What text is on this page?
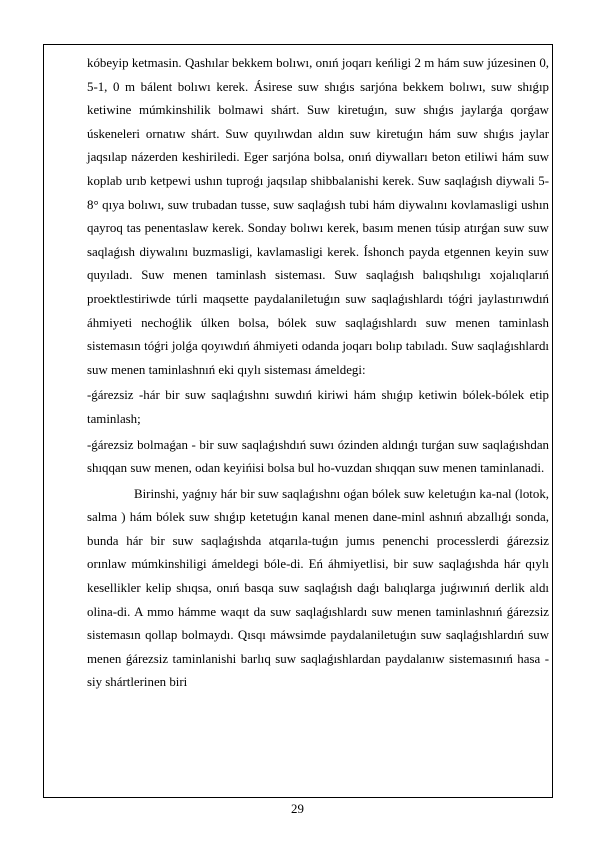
kóbeyip ketmasin. Qashılar bekkem bolıwı, onıń joqarı keńligi 2 m hám suw júzesinen 0, 5-1, 0 m bálent bolıwı kerek. Ásirese suw shıǵıs sarjóna bekkem bolıwı, suw shıǵıp ketiwine múmkinshilik bolmawi shárt. Suw kiretuǵın, suw shıǵıs jaylarǵa qorǵaw úskeneleri ornatıw shárt. Suw quyılıwdan aldın suw kiretuǵın hám suw shıǵıs jaylar jaqsılap názerden keshiriledi. Eger sarjóna bolsa, onıń diywalları beton etiliwi hám suw koplab urıb ketpewi ushın tuproǵı jaqsılap shibbalanishi kerek. Suw saqlaǵısh diywali 5-8° qıya bolıwı, suw trubadan tusse, suw saqlaǵısh tubi hám diywalını kovlamasligi ushın qayroq tas penentaslaw kerek. Sonday bolıwı kerek, basım menen túsip atırǵan suw suw saqlaǵısh diywalını buzmasligi, kavlamasligi kerek. Íshonch payda etgennen keyin suw quyıladı. Suw menen taminlash sisteması. Suw saqlaǵısh balıqshılıgı xojalıqlarıń proektlestiriwde túrli maqsette paydalaniletuǵın suw saqlaǵıshlardı tóǵri jaylastırıwdıń áhmiyeti nechoǵlik úlken bolsa, bólek suw saqlaǵıshlardı suw menen taminlash sistemasın tóǵri jolǵa qoyıwdıń áhmiyeti odanda joqarı bolıp tabıladı. Suw saqlaǵıshlardı suw menen taminlashnıń eki qıylı sisteması ámeldegi:

-ǵárezsiz -hár bir suw saqlaǵıshnı suwdıń kiriwi hám shıǵıp ketiwin bólek-bólek etip taminlash;

-ǵárezsiz bolmaǵan - bir suw saqlaǵıshdıń suwı ózinden aldınǵı turǵan suw saqlaǵıshdan shıqqan suw menen, odan keyińisi bolsa bul ho-vuzdan shıqqan suw menen taminlanadi.

Birinshi, yaǵnıy hár bir suw saqlaǵıshnı oǵan bólek suw keletuǵın ka-nal (lotok, salma ) hám bólek suw shıǵıp ketetuǵın kanal menen dane-minl ashnıń abzallıǵı sonda, bunda hár bir suw saqlaǵıshda atqarıla-tuǵın jumıs penenchi processlerdi ǵárezsiz orınlaw múmkinshiligi ámeldegi bóle-di. Eń áhmiyetlisi, bir suw saqlaǵıshda hár qıylı kesellikler kelip shıqsa, onıń basqa suw saqlaǵısh daǵı balıqlarga juǵıwınıń derlik aldı olina-di. A mmo hámme waqıt da suw saqlaǵıshlardı suw menen taminlashnıń ǵárezsiz sistemasın qollap bolmaydı. Qısqı máwsimde paydalaniletuǵın suw saqlaǵıshlardıń suw menen ǵárezsiz taminlanishi barlıq suw saqlaǵıshlardan paydalanıw sistemasınıń hasa -siy shártlerinen biri

29
